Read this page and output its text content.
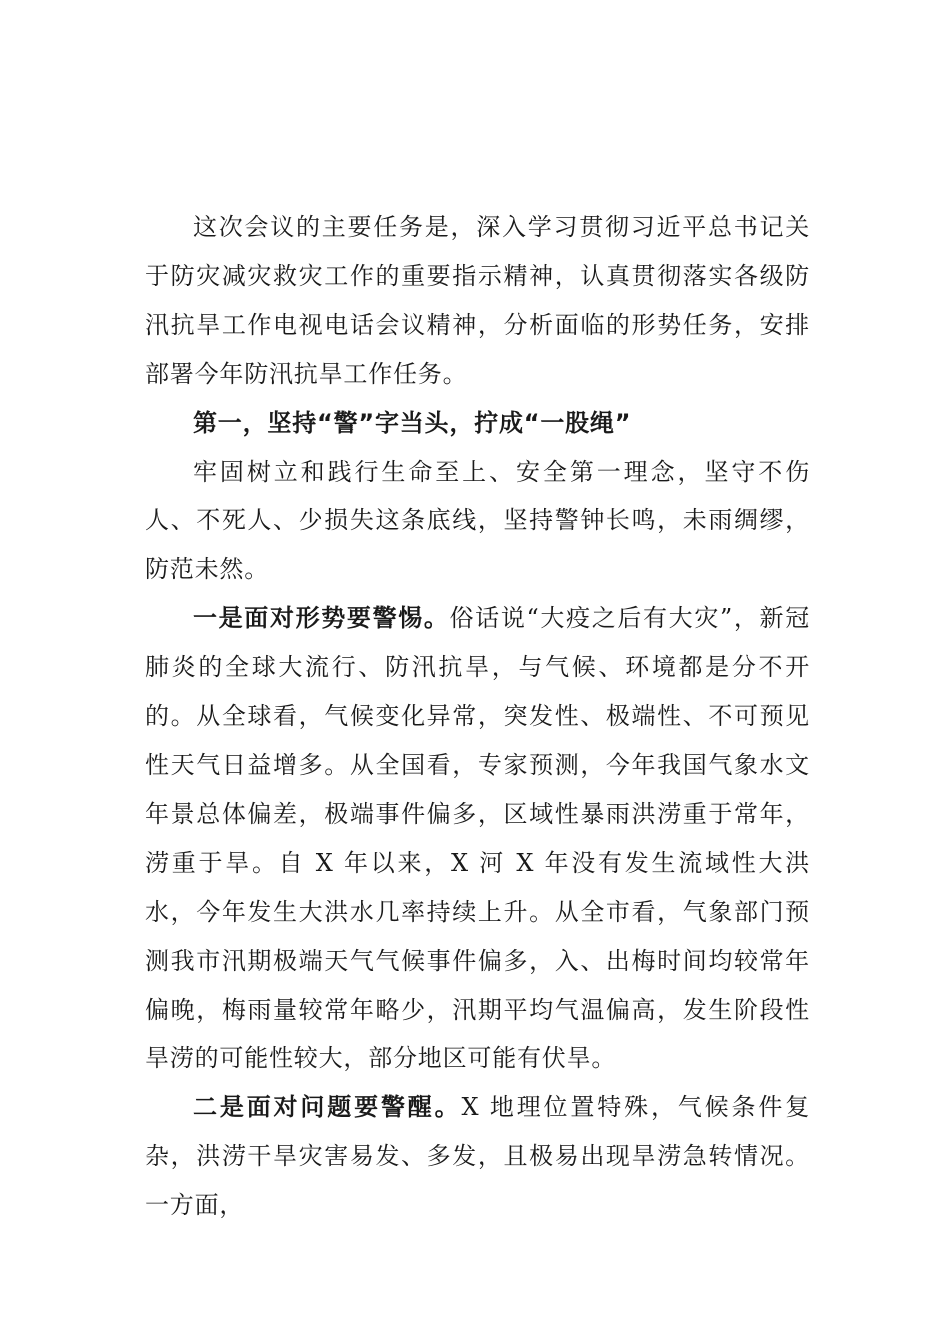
这次会议的主要任务是，深入学习贯彻习近平总书记关于防灾减灾救灾工作的重要指示精神，认真贯彻落实各级防汛抗旱工作电视电话会议精神，分析面临的形势任务，安排部署今年防汛抗旱工作任务。

第一，坚持“警”字当头，拧成“一股绳”

牢固树立和践行生命至上、安全第一理念，坚守不伤人、不死人、少损失这条底线，坚持警钟长鸣，未雨绸缪，防范未然。

一是面对形势要警惕。俗话说“大疫之后有大灾”，新冠肺炎的全球大流行、防汛抗旱，与气候、环境都是分不开的。从全球看，气候变化异常，突发性、极端性、不可预见性天气日益增多。从全国看，专家预测，今年我国气象水文年景总体偏差，极端事件偏多，区域性暴雨洪涝重于常年，涝重于旱。自 X 年以来，X 河 X 年没有发生流域性大洪水，今年发生大洪水几率持续上升。从全市看，气象部门预测我市汛期极端天气气候事件偏多，入、出梅时间均较常年偏晚，梅雨量较常年略少，汛期平均气温偏高，发生阶段性旱涝的可能性较大，部分地区可能有伏旱。

二是面对问题要警醒。X 地理位置特殊，气候条件复杂，洪涝干旱灾害易发、多发，且极易出现旱涝急转情况。一方面，
